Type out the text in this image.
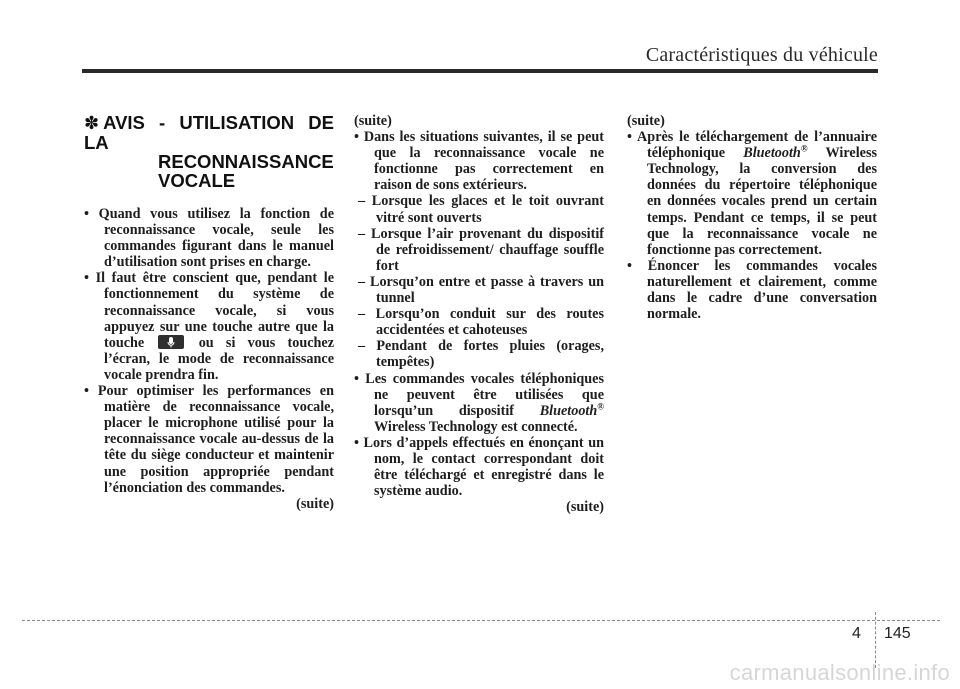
Caractéristiques du véhicule
✽ AVIS - UTILISATION DE LA
RECONNAISSANCE
VOCALE

• Quand vous utilisez la fonction de reconnaissance vocale, seule les commandes figurant dans le manuel d’utilisation sont prises en charge.

• Il faut être conscient que, pendant le fonctionnement du système de reconnaissance vocale, si vous appuyez sur une touche autre que la touche	ou si vous touchez l’écran, le mode de reconnaissance vocale prendra fin.

• Pour optimiser les performances en matière de reconnaissance vocale, placer le microphone utilisé pour la reconnaissance vocale au-dessus de la tête du siège conducteur et maintenir une position appropriée pendant l’énonciation des commandes.

(suite)

(suite)

• Dans les situations suivantes, il se peut que la reconnaissance vocale ne fonctionne pas correctement en raison de sons extérieurs.

– Lorsque les glaces et le toit ouvrant vitré sont ouverts

– Lorsque l’air provenant du dispositif de refroidissement/ chauffage souffle fort

– Lorsqu’on entre et passe à travers un tunnel

– Lorsqu’on conduit sur des routes accidentées et cahoteuses

– Pendant de fortes pluies (orages, tempêtes)

• Les commandes vocales téléphoniques ne peuvent être utilisées que lorsqu’un dispositif Bluetooth® Wireless Technology est connecté.

• Lors d’appels effectués en énonçant un nom, le contact correspondant doit être téléchargé et enregistré dans le système audio.

(suite)

(suite)

• Après le téléchargement de l’annuaire téléphonique Bluetooth® Wireless Technology, la conversion des données du répertoire téléphonique en données vocales prend un certain temps. Pendant ce temps, il se peut que la reconnaissance vocale ne fonctionne pas correctement.

• Énoncer les commandes vocales naturellement et clairement, comme dans le cadre d’une conversation normale.

4 145
carmanualsonline.info
